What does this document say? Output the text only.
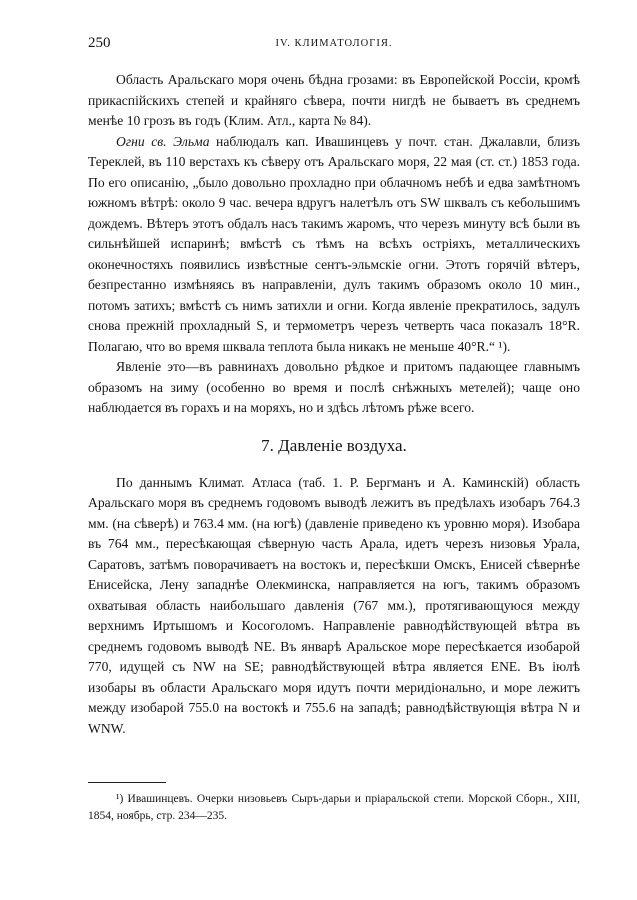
250	IV. КЛИМАТОЛОГІЯ.

Область Аральскаго моря очень бѣдна грозами: въ Европейской Россіи, кромѣ прикаспійскихъ степей и крайняго сѣвера, почти нигдѣ не бываетъ въ среднемъ менѣе 10 грозъ въ годъ (Клим. Атл., карта № 84).

Огни св. Эльма наблюдалъ кап. Ивашинцевъ у почт. стан. Джалавли, близъ Терeклей, въ 110 верстахъ къ сѣверу отъ Аральскаго моря, 22 мая (ст. ст.) 1853 года. По его описанію, „было довольно прохладно при облачномъ небѣ и едва замѣтномъ южномъ вѣтрѣ: около 9 час. вечера вдругъ налетѣлъ отъ SW шквалъ съ кебольшимъ дождемъ. Вѣтеръ этотъ обдалъ насъ такимъ жаромъ, что черезъ минуту всѣ были въ сильнѣйшей испаринѣ; вмѣстѣ съ тѣмъ на всѣхъ остріяхъ, металлическихъ оконечностяхъ появились извѣстные сентъ-эльмскіе огни. Этотъ горячій вѣтеръ, безпрестанно измѣняясь въ направленіи, дулъ такимъ образомъ около 10 мин., потомъ затихъ; вмѣстѣ съ нимъ затихли и огни. Когда явленіе прекратилось, задулъ снова прежній прохладный S, и термометръ черезъ четверть часа показалъ 18°R. Полагаю, что во время шквала теплота была никакъ не меньше 40°R.“ ¹).

Явленіе это—въ равнинахъ довольно рѣдкое и притомъ падающее главнымъ образомъ на зиму (особенно во время и послѣ снѣжныхъ метелей); чаще оно наблюдается въ горахъ и на моряхъ, но и здѣсь лѣтомъ рѣже всего.

7. Давленіе воздуха.

По даннымъ Климат. Атласа (таб. 1. Р. Бергманъ и А. Каминскій) область Аральскаго моря въ среднемъ годовомъ выводѣ лежитъ въ предѣлахъ изобаръ 764.3 мм. (на сѣверѣ) и 763.4 мм. (на югѣ) (давленіе приведено къ уровню моря). Изобара въ 764 мм., пересѣкающая сѣверную часть Арала, идетъ черезъ низовья Урала, Саратовъ, затѣмъ поворачиваетъ на востокъ и, пересѣкши Омскъ, Енисей сѣвернѣе Енисейска, Лену западнѣе Олекминска, направляется на югъ, такимъ образомъ охватывая область наибольшаго давленія (767 мм.), протягивающуюся между верхнимъ Иртышомъ и Косоголомъ. Направленіе равнодѣйствующей вѣтра въ среднемъ годовомъ выводѣ NE. Въ январѣ Аральское море пересѣкается изобарой 770, идущей съ NW на SE; равнодѣйствующей вѣтра является ENE. Въ іюлѣ изобары въ области Аральскаго моря идутъ почти меридіонально, и море лежитъ между изобарой 755.0 на востокѣ и 755.6 на западѣ; равнодѣйствующія вѣтра N и WNW.

¹) Ивашинцевъ. Очерки низовьевъ Сыръ-дарьи и пріаральской степи. Морской Сборн., XIII, 1854, ноябрь, стр. 234—235.
